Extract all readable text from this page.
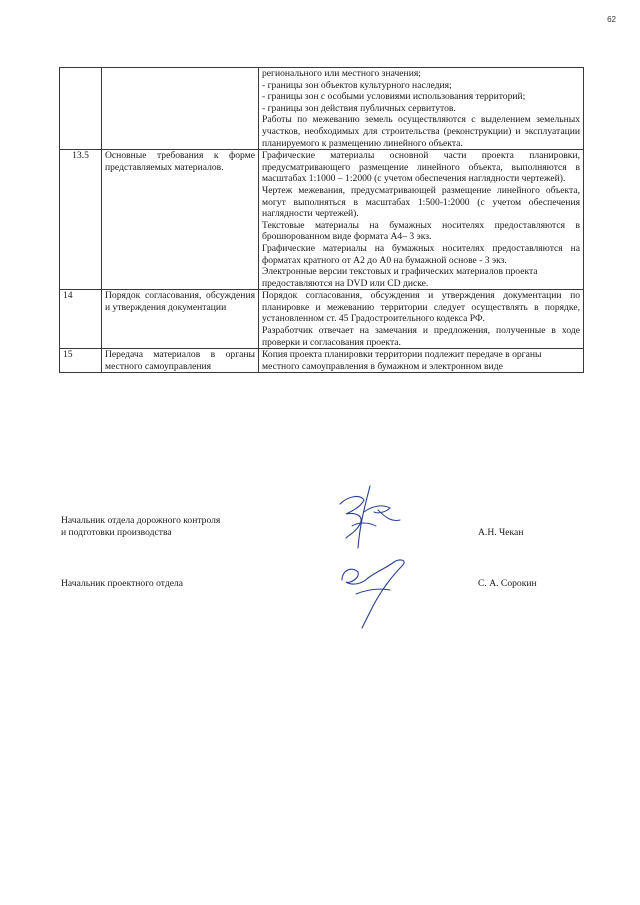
62

		регионального или местного значения;

- границы зон объектов культурного наследия;

- границы зон с особыми условиями использования территорий;

- границы зон действия публичных сервитутов.

Работы по межеванию земель осуществляются с выделением земельных участков, необходимых для строительства (реконструкции) и эксплуатации планируемого к размещению линейного объекта.

13.5	Основные требования к форме представляемых материалов.	Графические материалы основной части проекта планировки, предусматривающего размещение линейного объекта, выполняются в масштабах 1:1000 – 1:2000 (с учетом обеспечения наглядности чертежей).

Чертеж межевания, предусматривающей размещение линейного объекта, могут выполняться в масштабах 1:500-1:2000 (с учетом обеспечения наглядности чертежей).

Текстовые материалы на бумажных носителях предоставляются в брошюрованном виде формата А4– 3 экз.

Графические материалы на бумажных носителях предоставляются на форматах кратного от А2 до А0 на бумажной основе - 3 экз.

Электронные версии текстовых и графических материалов проекта предоставляются на DVD или CD диске.

14	Порядок согласования, обсуждения и утверждения документации	Порядок согласования, обсуждения и утверждения документации по планировке и межеванию территории следует осуществлять в порядке, установленном ст. 45 Градостроительного кодекса РФ.

Разработчик отвечает на замечания и предложения, полученные в ходе проверки и согласования проекта.

15	Передача материалов в органы местного самоуправления	Копия проекта планировки территории подлежит передаче в органы местного самоуправления в бумажном и электронном виде

Начальник отдела дорожного контроля
и подготовки производства	А.Н. Чекан
Начальник проектного отдела	С. А. Сорокин
